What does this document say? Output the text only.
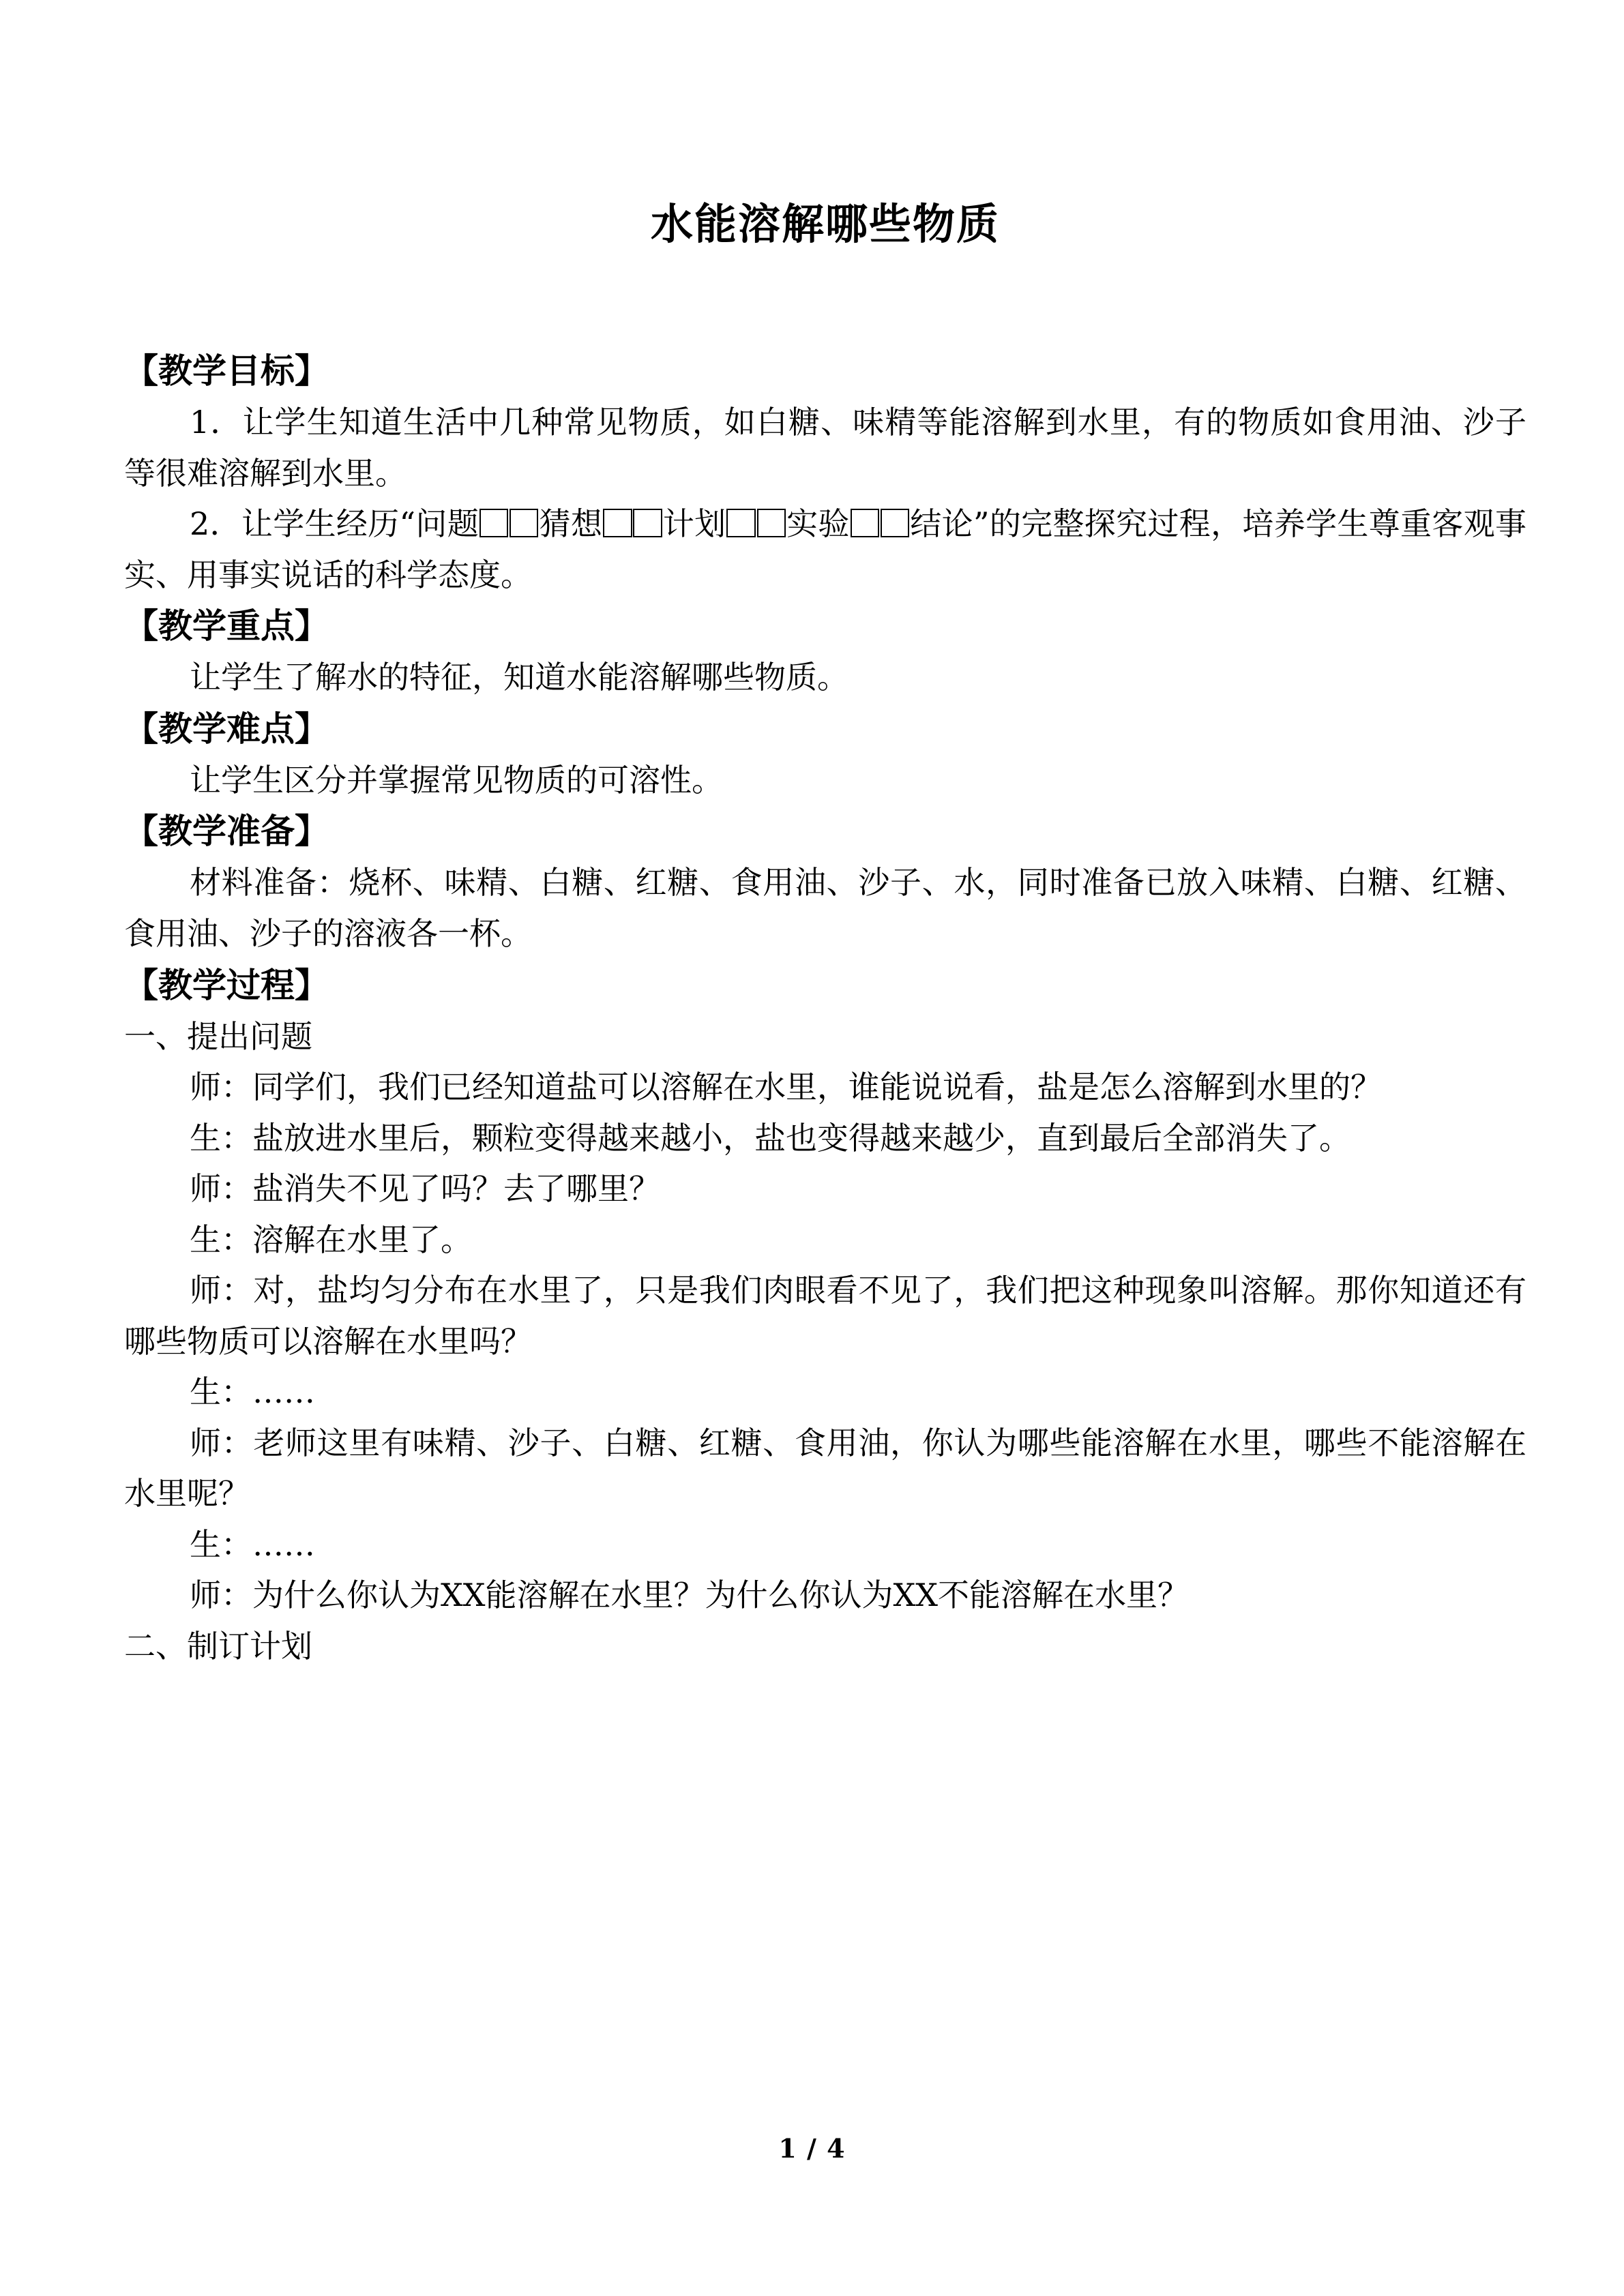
水能溶解哪些物质
【教学目标】

1．让学生知道生活中几种常见物质，如白糖、味精等能溶解到水里，有的物质如食用油、沙子等很难溶解到水里。

2．让学生经历“问题 猜想 计划 实验 结论”的完整探究过程，培养学生尊重客观事实、用事实说话的科学态度。

【教学重点】

让学生了解水的特征，知道水能溶解哪些物质。

【教学难点】

让学生区分并掌握常见物质的可溶性。

【教学准备】

材料准备：烧杯、味精、白糖、红糖、食用油、沙子、水，同时准备已放入味精、白糖、红糖、食用油、沙子的溶液各一杯。

【教学过程】

一、提出问题

师：同学们，我们已经知道盐可以溶解在水里，谁能说说看，盐是怎么溶解到水里的？

生：盐放进水里后，颗粒变得越来越小，盐也变得越来越少，直到最后全部消失了。

师：盐消失不见了吗？去了哪里？

生：溶解在水里了。

师：对，盐均匀分布在水里了，只是我们肉眼看不见了，我们把这种现象叫溶解。那你知道还有哪些物质可以溶解在水里吗？

生：……

师：老师这里有味精、沙子、白糖、红糖、食用油，你认为哪些能溶解在水里，哪些不能溶解在水里呢？

生：……

师：为什么你认为XX能溶解在水里？为什么你认为XX不能溶解在水里？

二、制订计划

1 / 4
